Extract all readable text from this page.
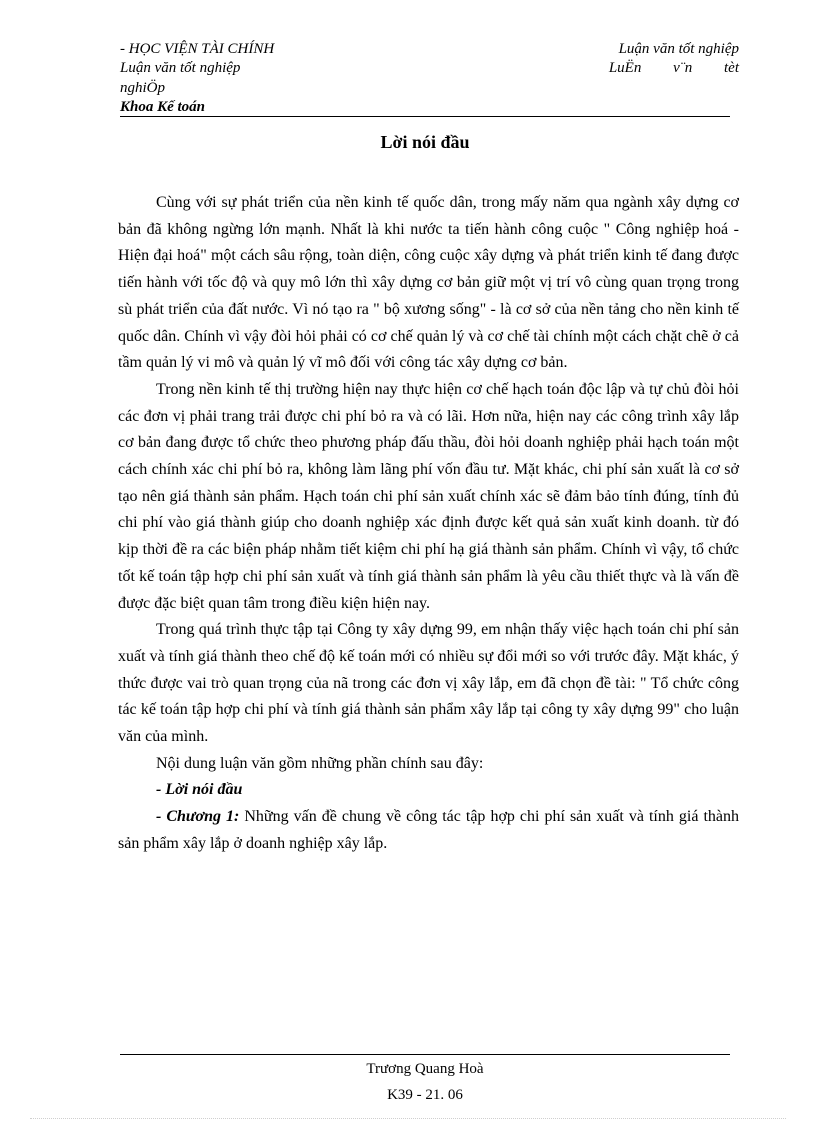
- HỌC VIỆN TÀI CHÍNH	Luận văn tốt nghiệp
Luận văn tốt nghiệp	LuËn v¨n tèt
nghiÖp
Khoa Kế toán
Lời nói đầu

Cùng với sự phát triển của nền kinh tế quốc dân, trong mấy năm qua ngành xây dựng cơ bản đã không ngừng lớn mạnh. Nhất là khi nước ta tiến hành công cuộc " Công nghiệp hoá - Hiện đại hoá" một cách sâu rộng, toàn diện, công cuộc xây dựng và phát triển kinh tế đang được tiến hành với tốc độ và quy mô lớn thì xây dựng cơ bản giữ một vị trí vô cùng quan trọng trong sù phát triển của đất nước. Vì nó tạo ra " bộ xương sống" - là cơ sở của nền tảng cho nền kinh tế quốc dân. Chính vì vậy đòi hỏi phải có cơ chế quản lý và cơ chế tài chính một cách chặt chẽ ở cả tầm quản lý vi mô và quản lý vĩ mô đối với công tác xây dựng cơ bản.

Trong nền kinh tế thị trường hiện nay thực hiện cơ chế hạch toán độc lập và tự chủ đòi hỏi các đơn vị phải trang trải được chi phí bỏ ra và có lãi. Hơn nữa, hiện nay các công trình xây lắp cơ bản đang được tổ chức theo phương pháp đấu thầu, đòi hỏi doanh nghiệp phải hạch toán một cách chính xác chi phí bỏ ra, không làm lãng phí vốn đầu tư. Mặt khác, chi phí sản xuất là cơ sở tạo nên giá thành sản phẩm. Hạch toán chi phí sản xuất chính xác sẽ đảm bảo tính đúng, tính đủ chi phí vào giá thành giúp cho doanh nghiệp xác định được kết quả sản xuất kinh doanh. từ đó kịp thời đề ra các biện pháp nhằm tiết kiệm chi phí hạ giá thành sản phẩm. Chính vì vậy, tổ chức tốt kế toán tập hợp chi phí sản xuất và tính giá thành sản phẩm là yêu cầu thiết thực và là vấn đề được đặc biệt quan tâm trong điều kiện hiện nay.

Trong quá trình thực tập tại Công ty xây dựng 99, em nhận thấy việc hạch toán chi phí sản xuất và tính giá thành theo chế độ kế toán mới có nhiều sự đổi mới so với trước đây. Mặt khác, ý thức được vai trò quan trọng của nã trong các đơn vị xây lắp, em đã chọn đề tài: " Tổ chức công tác kế toán tập hợp chi phí và tính giá thành sản phẩm xây lắp tại công ty xây dựng 99" cho luận văn của mình.

Nội dung luận văn gồm những phần chính sau đây:

- Lời nói đầu

- Chương 1: Những vấn đề chung về công tác tập hợp chi phí sản xuất và tính giá thành sản phẩm xây lắp ở doanh nghiệp xây lắp.

Trương Quang Hoà
K39 - 21. 06
